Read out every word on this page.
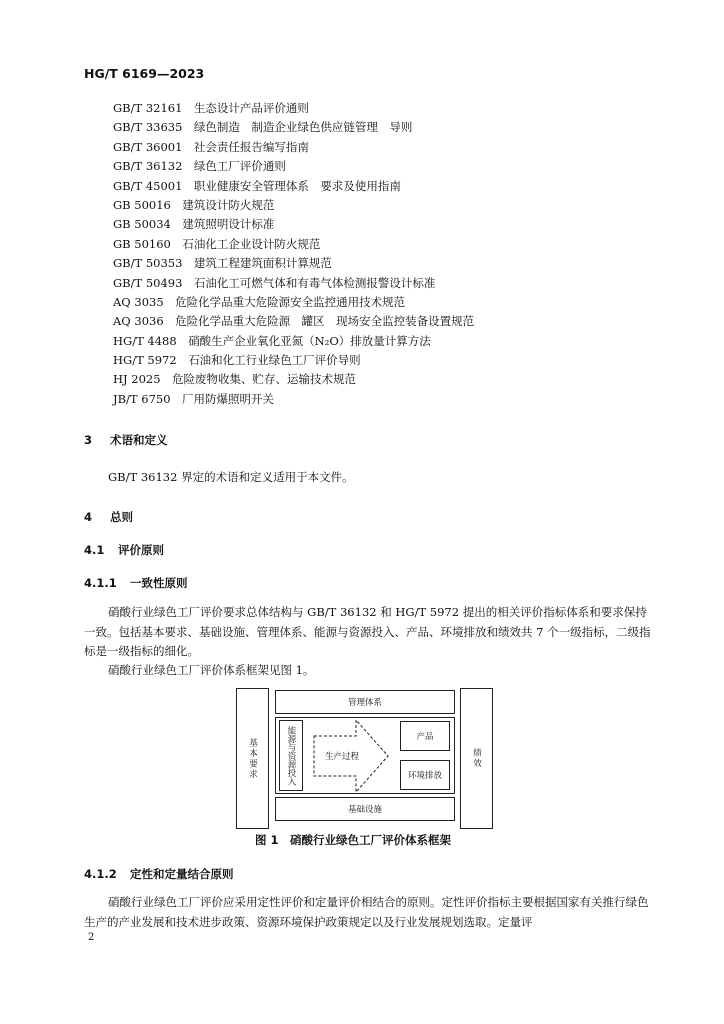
HG/T 6169—2023
GB/T 32161　 生态设计产品评价通则
GB/T 33635　 绿色制造　制造企业绿色供应链管理　导则
GB/T 36001　 社会责任报告编写指南
GB/T 36132　 绿色工厂评价通则
GB/T 45001　 职业健康安全管理体系　要求及使用指南
GB 50016　 建筑设计防火规范
GB 50034　 建筑照明设计标准
GB 50160　 石油化工企业设计防火规范
GB/T 50353　 建筑工程建筑面积计算规范
GB/T 50493　 石油化工可燃气体和有毒气体检测报警设计标准
AQ 3035　 危险化学品重大危险源安全监控通用技术规范
AQ 3036　 危险化学品重大危险源　罐区　现场安全监控装备设置规范
HG/T 4488　 硝酸生产企业氧化亚氮（N₂O）排放量计算方法
HG/T 5972　 石油和化工行业绿色工厂评价导则
HJ 2025　 危险废物收集、贮存、运输技术规范
JB/T 6750　 厂用防爆照明开关
3 术语和定义
GB/T 36132 界定的术语和定义适用于本文件。
4 总则
4.1 评价原则
4.1.1 一致性原则
硝酸行业绿色工厂评价要求总体结构与 GB/T 36132 和 HG/T 5972 提出的相关评价指标体系和要求保持一致。包括基本要求、基础设施、管理体系、能源与资源投入、产品、环境排放和绩效共 7 个一级指标，二级指标是一级指标的细化。
硝酸行业绿色工厂评价体系框架见图 1。
基本要求	绩效
管理体系
基础设施
能源与资源投入	生产过程
产品
环境排放
图 1　硝酸行业绿色工厂评价体系框架
4.1.2 定性和定量结合原则
硝酸行业绿色工厂评价应采用定性评价和定量评价相结合的原则。定性评价指标主要根据国家有关推行绿色生产的产业发展和技术进步政策、资源环境保护政策规定以及行业发展规划选取。定量评
2
